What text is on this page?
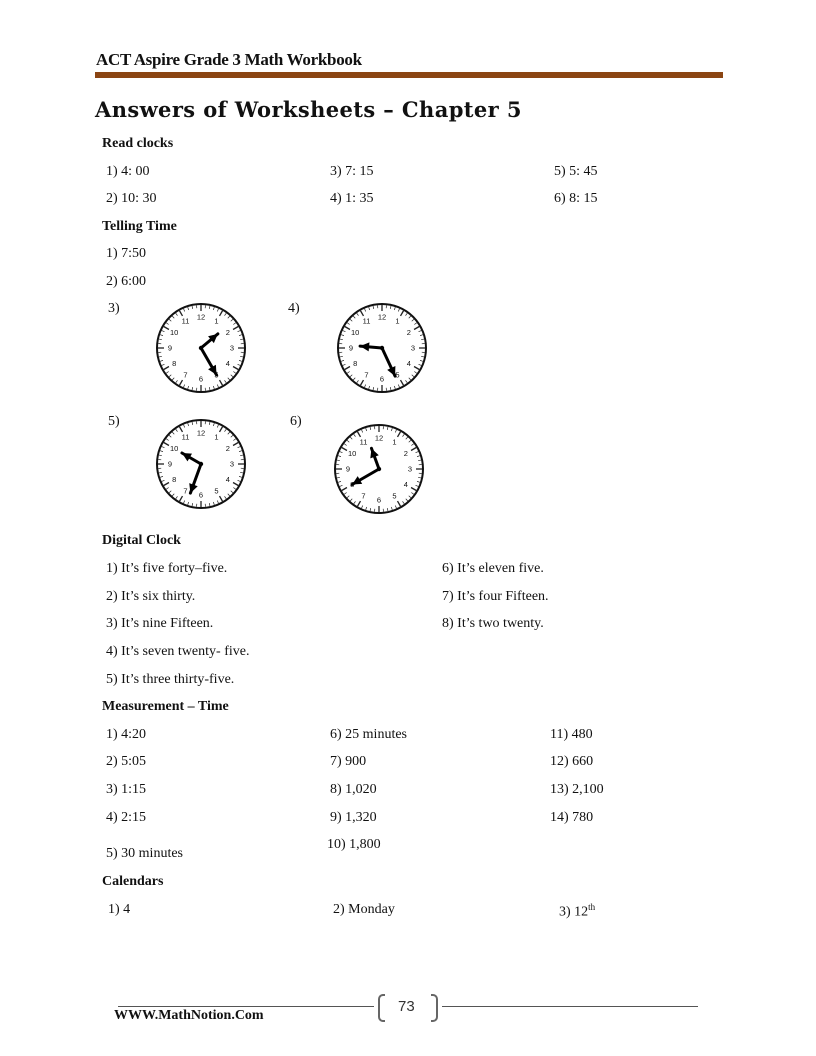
ACT Aspire Grade 3 Math Workbook
Answers of Worksheets – Chapter 5
Read clocks
1) 4: 00
2) 10: 30
3) 7: 15
4) 1: 35
5) 5: 45
6) 8: 15
Telling Time
1) 7:50
2) 6:00
3)	4)
5)	6)
12 1
2
3
4
6
7
8
9
10
11	12 1
2
3
4
5
6
7
8
9
10
11
12 1
2
3
4
5
6
7
8
9
10
11	12 1
2
3
4
5
6
7
9
10
11
Digital Clock
1) It’s five forty–five.
2) It’s six thirty.
3) It’s nine Fifteen.
4) It’s seven twenty- five.
5) It’s three thirty-five.
6) It’s eleven five.
7) It’s four Fifteen.
8) It’s two twenty.
Measurement – Time
1) 4:20
2) 5:05
3) 1:15
4) 2:15
5) 30 minutes
6) 25 minutes
7) 900
8) 1,020
9) 1,320
10) 1,800
11) 480
12) 660
13) 2,100
14) 780
Calendars
1) 4	2) Monday	3) 12th
73
WWW.MathNotion.Com
